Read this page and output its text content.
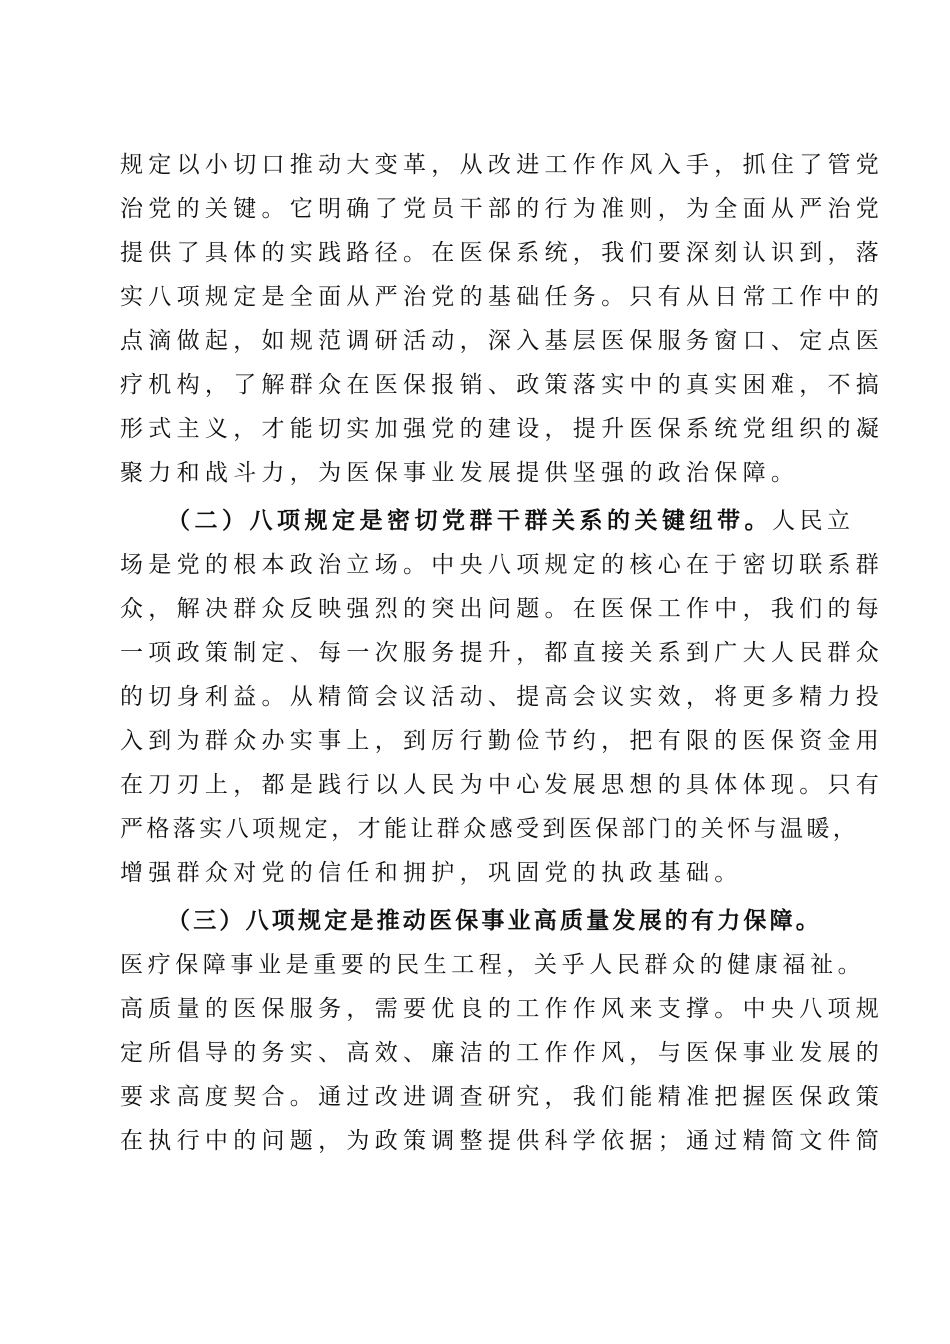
规定以小切口推动大变革，从改进工作作风入手，抓住了管党
治党的关键。它明确了党员干部的行为准则，为全面从严治党
提供了具体的实践路径。在医保系统，我们要深刻认识到，落
实八项规定是全面从严治党的基础任务。只有从日常工作中的
点滴做起，如规范调研活动，深入基层医保服务窗口、定点医
疗机构，了解群众在医保报销、政策落实中的真实困难，不搞
形式主义，才能切实加强党的建设，提升医保系统党组织的凝
聚力和战斗力，为医保事业发展提供坚强的政治保障。
（二）八项规定是密切党群干群关系的关键纽带。人民立
场是党的根本政治立场。中央八项规定的核心在于密切联系群
众，解决群众反映强烈的突出问题。在医保工作中，我们的每
一项政策制定、每一次服务提升，都直接关系到广大人民群众
的切身利益。从精简会议活动、提高会议实效，将更多精力投
入到为群众办实事上，到厉行勤俭节约，把有限的医保资金用
在刀刃上，都是践行以人民为中心发展思想的具体体现。只有
严格落实八项规定，才能让群众感受到医保部门的关怀与温暖，
增强群众对党的信任和拥护，巩固党的执政基础。
（三）八项规定是推动医保事业高质量发展的有力保障。
医疗保障事业是重要的民生工程，关乎人民群众的健康福祉。
高质量的医保服务，需要优良的工作作风来支撑。中央八项规
定所倡导的务实、高效、廉洁的工作作风，与医保事业发展的
要求高度契合。通过改进调查研究，我们能精准把握医保政策
在执行中的问题，为政策调整提供科学依据；通过精简文件简
